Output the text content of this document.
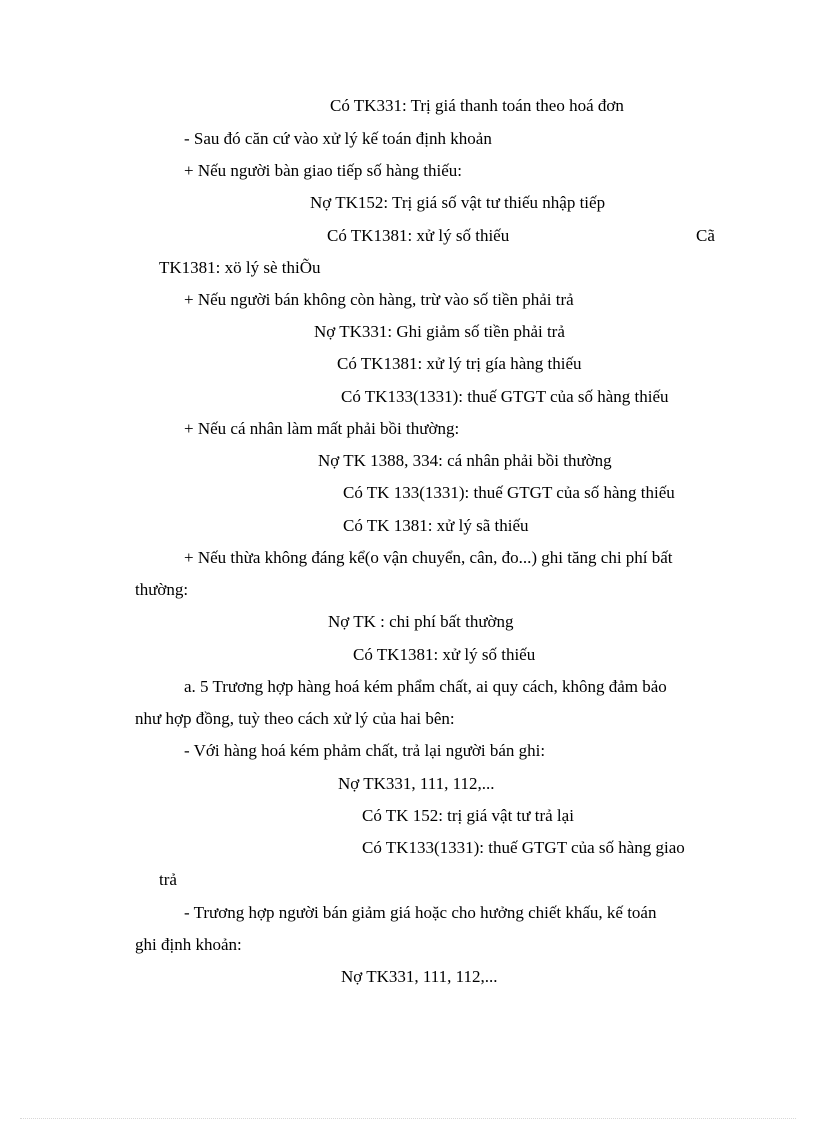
Có TK331: Trị giá thanh toán theo hoá đơn

- Sau đó căn cứ vào xử lý kế toán định khoản

+ Nếu người bàn giao tiếp số hàng thiếu:

Nợ TK152: Trị giá số vật tư thiếu nhập tiếp

Có TK1381: xử lý số thiếu	Cã

TK1381: xö lý sè thiÕu

+ Nếu người bán không còn hàng, trừ vào số tiền phải trả

Nợ TK331: Ghi giảm số tiền phải trả

Có TK1381: xử lý trị gía hàng thiếu

Có TK133(1331): thuế GTGT của số hàng thiếu

+ Nếu cá nhân làm mất phải bồi thường:

Nợ TK 1388, 334: cá nhân phải bồi thường

Có TK 133(1331): thuế GTGT của số hàng thiếu

Có TK 1381: xử lý sã thiếu

+ Nếu thừa không đáng kể(o vận chuyển, cân, đo...) ghi tăng chi phí bất

thường:

Nợ TK : chi phí bất thường

Có TK1381: xử lý số thiếu

a. 5 Trương hợp hàng hoá kém phẩm chất, ai quy cách, không đảm bảo

như hợp đồng, tuỳ theo cách xử lý của hai bên:

- Với hàng hoá kém phảm chất, trả lại người bán ghi:

Nợ TK331, 111, 112,...

Có TK 152: trị giá vật tư trả lại

Có TK133(1331): thuế GTGT của số hàng giao

trả

- Trương hợp người bán giảm giá hoặc cho hưởng chiết khấu, kế toán

ghi định khoản:

Nợ TK331, 111, 112,...
